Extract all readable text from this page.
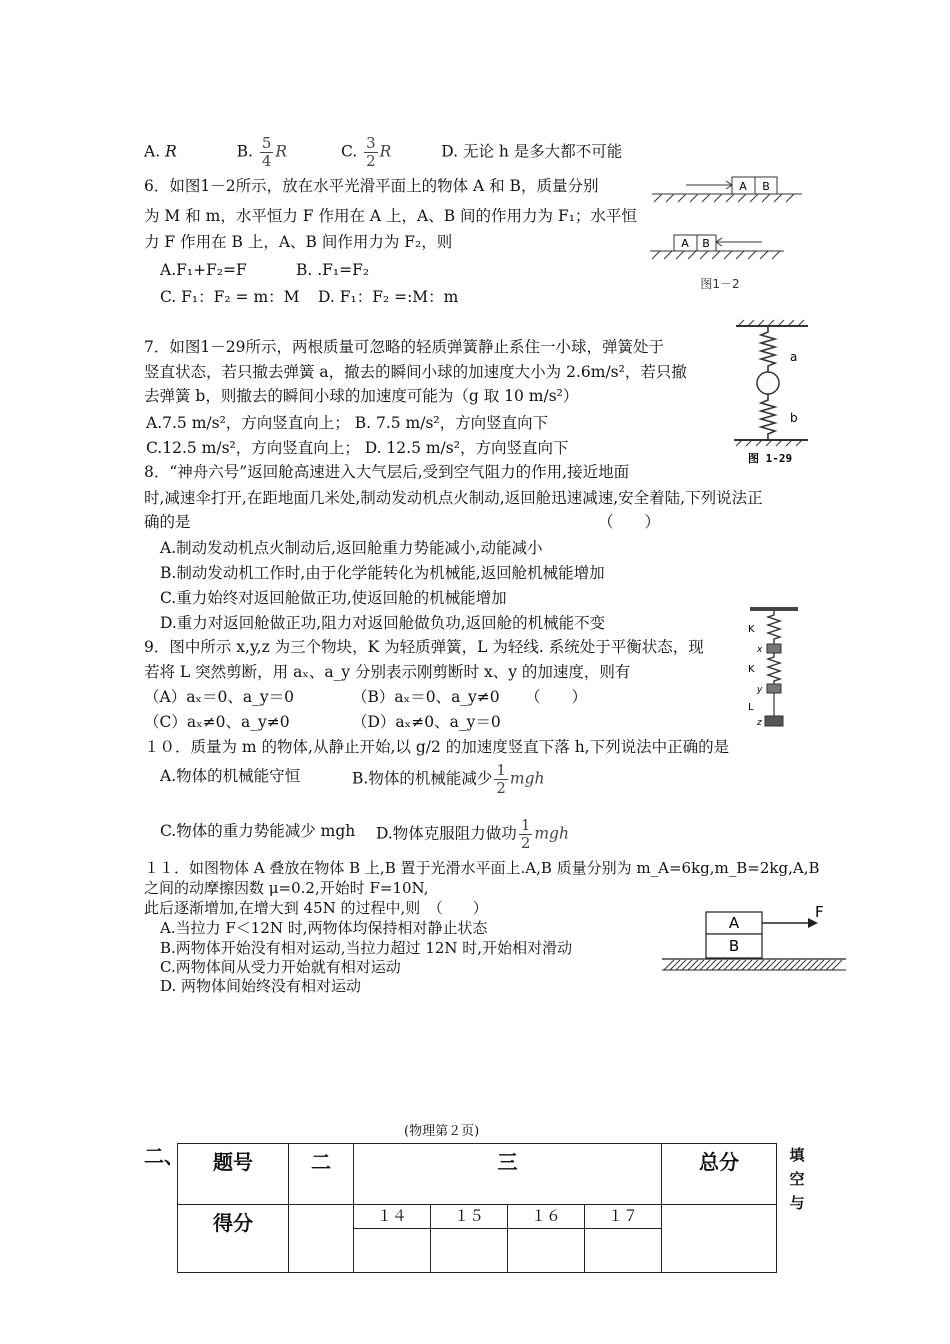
A. R	B. $\frac{5}{4}$ R	C. $\frac{3}{2}$ R	D. 无论 h 是多大都不可能
6．如图1－2所示，放在水平光滑平面上的物体 A 和 B，质量分别
为 M 和 m，水平恒力 F 作用在 A 上，A、B 间的作用力为 F₁；水平恒
力 F 作用在 B 上，A、B 间作用力为 F₂，则
A.F₁+F₂=F	B. .F₁=F₂
C. F₁：F₂ = m：M D. F₁：F₂ =:M：m
A B
A B
图1－2
7．如图1－29所示，两根质量可忽略的轻质弹簧静止系住一小球，弹簧处于
竖直状态，若只撤去弹簧 a，撤去的瞬间小球的加速度大小为 2.6m/s²，若只撤
去弹簧 b，则撤去的瞬间小球的加速度可能为（g 取 10 m/s²）
A.7.5 m/s²，方向竖直向上； B. 7.5 m/s²，方向竖直向下
C.12.5 m/s²，方向竖直向上； D. 12.5 m/s²，方向竖直向下
a
b
图 1-29
8．“神舟六号”返回舱高速进入大气层后,受到空气阻力的作用,接近地面
时,减速伞打开,在距地面几米处,制动发动机点火制动,返回舱迅速减速,安全着陆,下列说法正
确的是	（　　）
A.制动发动机点火制动后,返回舱重力势能减小,动能减小
B.制动发动机工作时,由于化学能转化为机械能,返回舱机械能增加
C.重力始终对返回舱做正功,使返回舱的机械能增加
D.重力对返回舱做正功,阻力对返回舱做负功,返回舱的机械能不变
9．图中所示 x,y,z 为三个物块，K 为轻质弹簧，L 为轻线. 系统处于平衡状态，现
若将 L 突然剪断，用 aₓ、a_y 分别表示刚剪断时 x、y 的加速度，则有
（A）aₓ＝0、a_y＝0	（B）aₓ＝0、a_y≠0 （　　）
（C）aₓ≠0、a_y≠0	（D）aₓ≠0、a_y＝0
K
x
K
y
L
z
１０．质量为 m 的物体,从静止开始,以 g/2 的加速度竖直下落 h,下列说法中正确的是
A.物体的机械能守恒	B.物体的机械能减少 $\frac{1}{2}$ mgh
C.物体的重力势能减少 mgh D.物体克服阻力做功 $\frac{1}{2}$ mgh
１１．如图物体 A 叠放在物体 B 上,B 置于光滑水平面上.A,B 质量分别为 m_A=6kg,m_B=2kg,A,B
之间的动摩擦因数 μ=0.2,开始时 F=10N,
此后逐渐增加,在增大到 45N 的过程中,则　（　　）
A.当拉力 F＜12N 时,两物体均保持相对静止状态
B.两物体开始没有相对运动,当拉力超过 12N 时,开始相对滑动
C.两物体间从受力开始就有相对运动
D. 两物体间始终没有相对运动
A
B
F
(物理第２页)
二、	题号	二	三				总分

得分		１４	１５	１６	１７	

填
空
与
